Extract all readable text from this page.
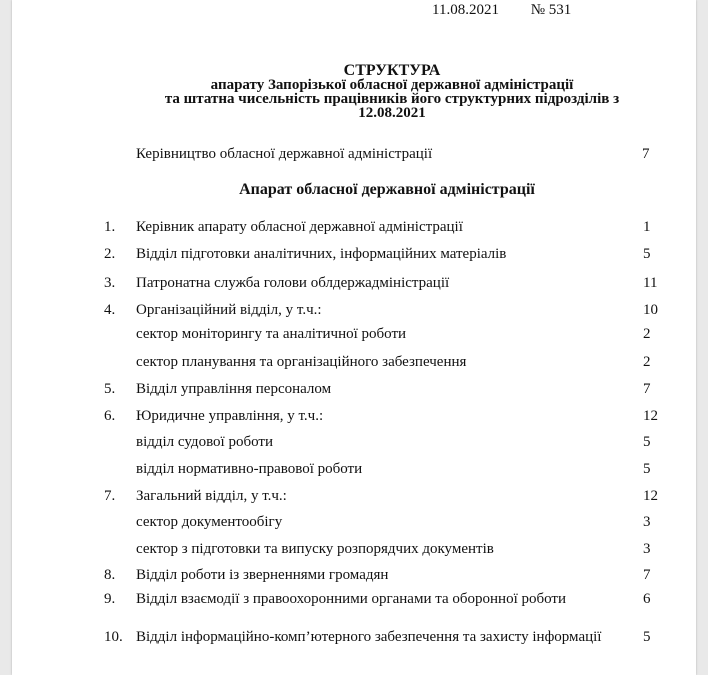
11.08.2021 № 531
СТРУКТУРА
апарату Запорізької обласної державної адміністрації
та штатна чисельність працівників його структурних підрозділів з
12.08.2021
Керівництво обласної державної адміністрації	7
Апарат обласної державної адміністрації
1.	Керівник апарату обласної державної адміністрації	1
2.	Відділ підготовки аналітичних, інформаційних матеріалів	5
3.	Патронатна служба голови облдержадміністрації	11
4.	Організаційний відділ, у т.ч.:	10
сектор моніторингу та аналітичної роботи	2
сектор планування та організаційного забезпечення	2
5.	Відділ управління персоналом	7
6.	Юридичне управління, у т.ч.:	12
відділ судової роботи	5
відділ нормативно-правової роботи	5
7.	Загальний відділ, у т.ч.:	12
сектор документообігу	3
сектор з підготовки та випуску розпорядчих документів	3
8.	Відділ роботи із зверненнями громадян	7
9.	Відділ взаємодії з правоохоронними органами та оборонної роботи	6
10. Відділ інформаційно-комп’ютерного забезпечення та захисту інформації	5
